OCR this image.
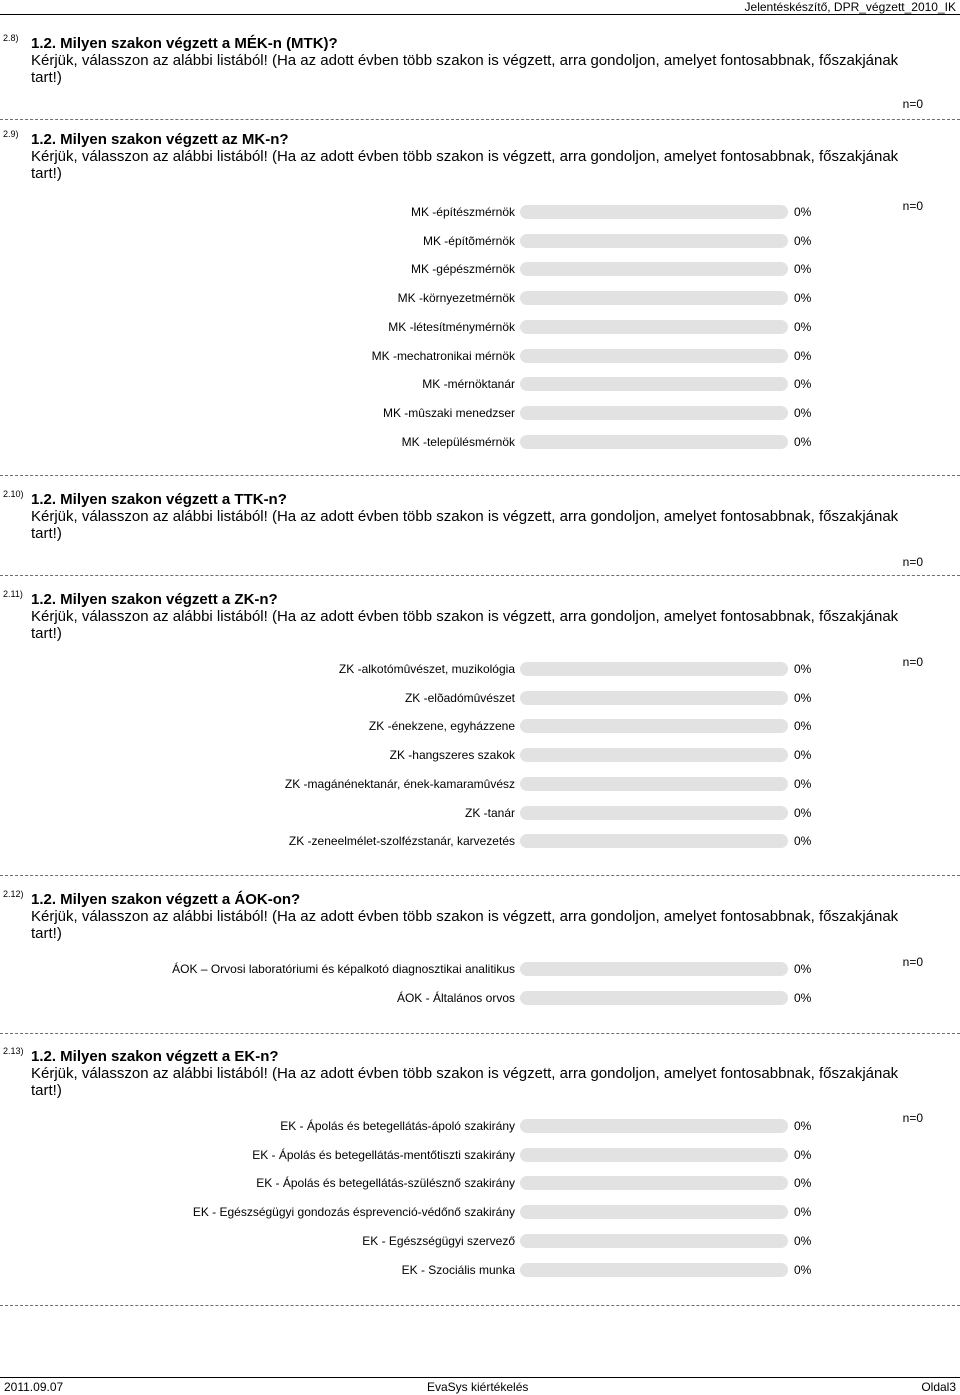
Jelentéskészítő, DPR_végzett_2010_IK
2.8) 1.2. Milyen szakon végzett a MÉK-n (MTK)?
Kérjük, válasszon az alábbi listából! (Ha az adott évben több szakon is végzett, arra gondoljon, amelyet fontosabbnak, főszakjának tart!)
n=0
2.9) 1.2. Milyen szakon végzett az MK-n?
Kérjük, válasszon az alábbi listából! (Ha az adott évben több szakon is végzett, arra gondoljon, amelyet fontosabbnak, főszakjának tart!)
n=0
MK -építészmérnök	0%
MK -építõmérnök	0%
MK -gépészmérnök	0%
MK -környezetmérnök	0%
MK -létesítménymérnök	0%
MK -mechatronikai mérnök	0%
MK -mérnöktanár	0%
MK -mûszaki menedzser	0%
MK -településmérnök	0%
2.10) 1.2. Milyen szakon végzett a TTK-n?
Kérjük, válasszon az alábbi listából! (Ha az adott évben több szakon is végzett, arra gondoljon, amelyet fontosabbnak, főszakjának tart!)
n=0
2.11) 1.2. Milyen szakon végzett a ZK-n?
Kérjük, válasszon az alábbi listából! (Ha az adott évben több szakon is végzett, arra gondoljon, amelyet fontosabbnak, főszakjának tart!)
n=0
ZK -alkotómûvészet, muzikológia	0%
ZK -elõadómûvészet	0%
ZK -énekzene, egyházzene	0%
ZK -hangszeres szakok	0%
ZK -magánénektanár, ének-kamaramûvész	0%
ZK -tanár	0%
ZK -zeneelmélet-szolfézstanár, karvezetés	0%
2.12) 1.2. Milyen szakon végzett a ÁOK-on?
Kérjük, válasszon az alábbi listából! (Ha az adott évben több szakon is végzett, arra gondoljon, amelyet fontosabbnak, főszakjának tart!)
n=0
ÁOK – Orvosi laboratóriumi és képalkotó diagnosztikai analitikus	0%
ÁOK - Általános orvos	0%
2.13) 1.2. Milyen szakon végzett a EK-n?
Kérjük, válasszon az alábbi listából! (Ha az adott évben több szakon is végzett, arra gondoljon, amelyet fontosabbnak, főszakjának tart!)
n=0
EK - Ápolás és betegellátás-ápoló szakirány	0%
EK - Ápolás és betegellátás-mentőtiszti szakirány	0%
EK - Ápolás és betegellátás-szülésznő szakirány	0%
EK - Egészségügyi gondozás ésprevenció-védőnő szakirány	0%
EK - Egészségügyi szervező	0%
EK - Szociális munka	0%
2011.09.07	EvaSys kiértékelés	Oldal3
